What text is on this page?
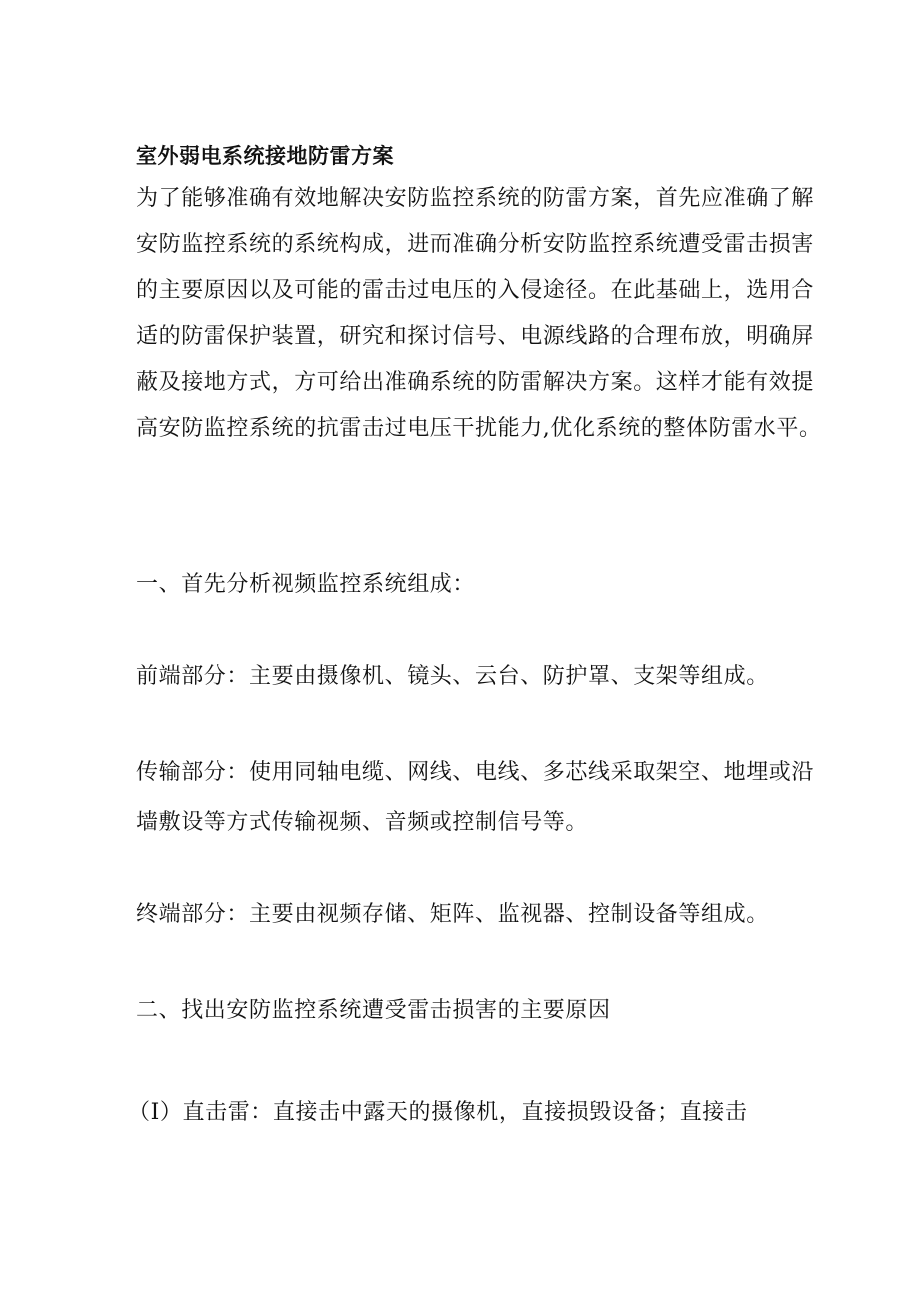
室外弱电系统接地防雷方案
为了能够准确有效地解决安防监控系统的防雷方案，首先应准确了解
安防监控系统的系统构成，进而准确分析安防监控系统遭受雷击损害
的主要原因以及可能的雷击过电压的入侵途径。在此基础上，选用合
适的防雷保护装置，研究和探讨信号、电源线路的合理布放，明确屏
蔽及接地方式，方可给出准确系统的防雷解决方案。这样才能有效提
高安防监控系统的抗雷击过电压干扰能力,优化系统的整体防雷水平。
一、首先分析视频监控系统组成：
前端部分：主要由摄像机、镜头、云台、防护罩、支架等组成。
传输部分：使用同轴电缆、网线、电线、多芯线采取架空、地埋或沿
墙敷设等方式传输视频、音频或控制信号等。
终端部分：主要由视频存储、矩阵、监视器、控制设备等组成。
二、找出安防监控系统遭受雷击损害的主要原因
（I）直击雷：直接击中露天的摄像机，直接损毁设备；直接击
